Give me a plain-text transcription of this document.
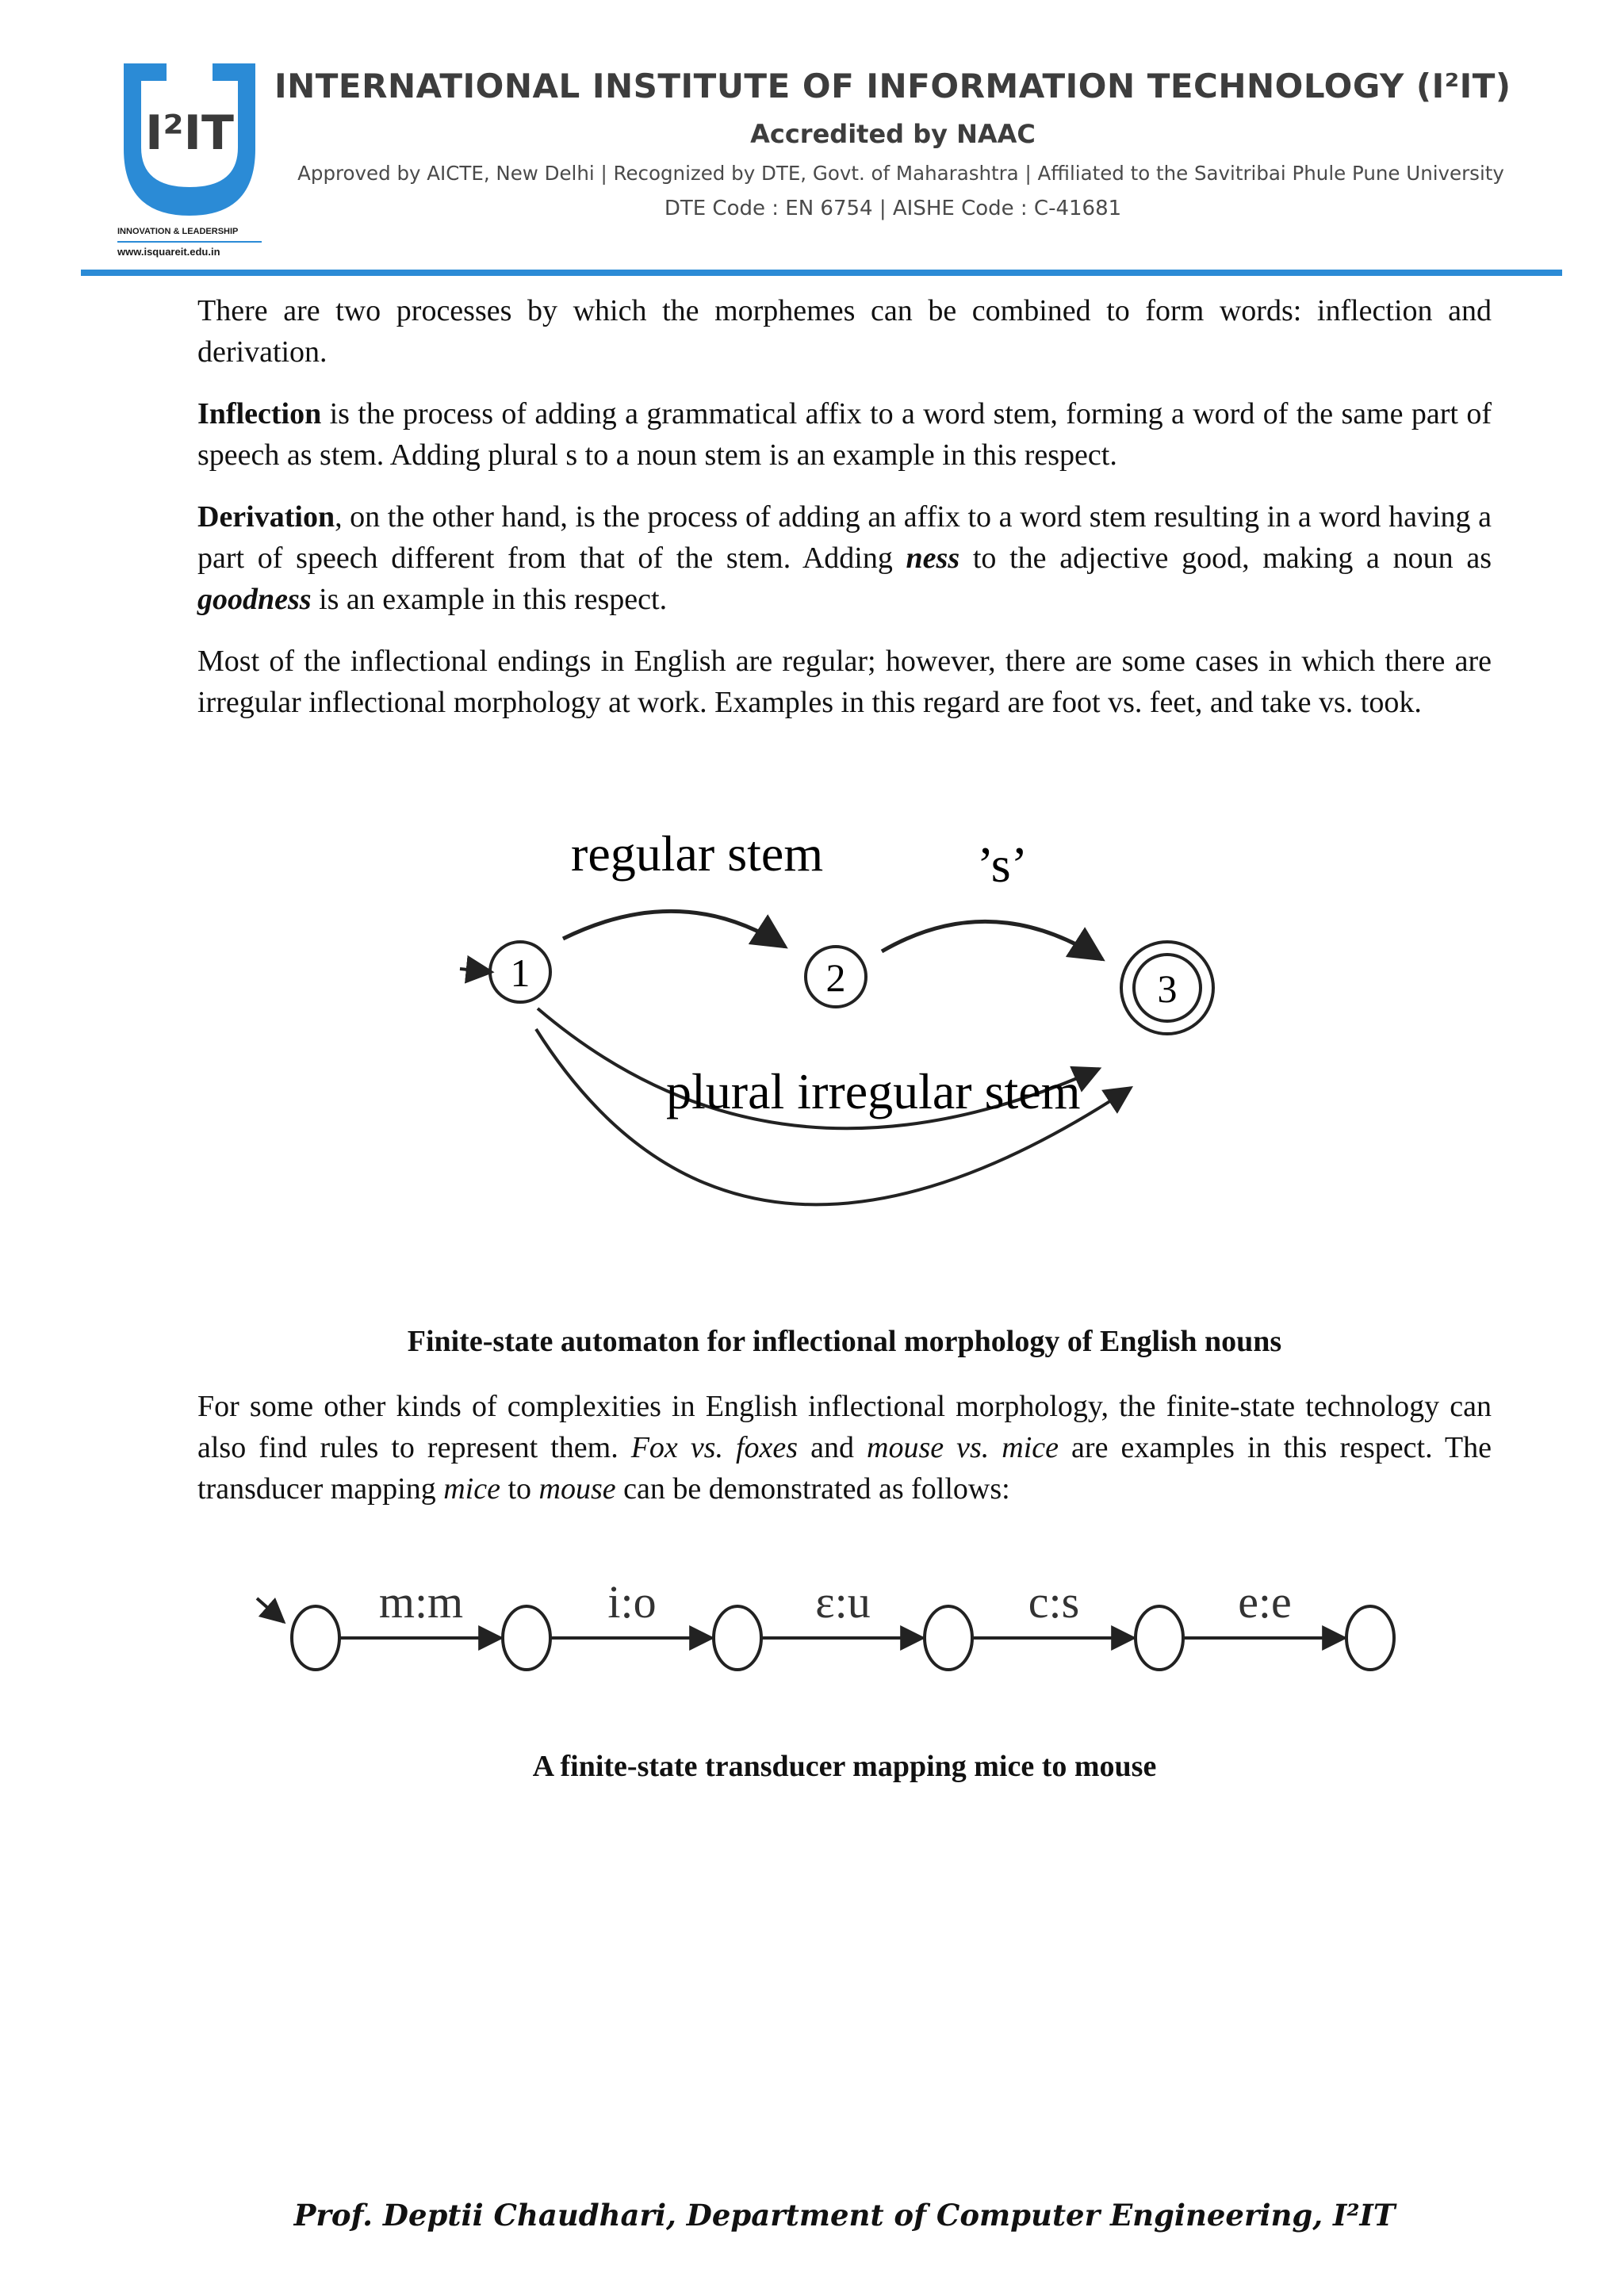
I²IT
INNOVATION & LEADERSHIP
www.isquareit.edu.in
INTERNATIONAL INSTITUTE OF INFORMATION TECHNOLOGY (I²IT)
Accredited by NAAC
Approved by AICTE, New Delhi | Recognized by DTE, Govt. of Maharashtra | Affiliated to the Savitribai Phule Pune University
DTE Code : EN 6754 | AISHE Code : C-41681

There are two processes by which the morphemes can be combined to form words: inflection and derivation.

Inflection is the process of adding a grammatical affix to a word stem, forming a word of the same part of speech as stem. Adding plural s to a noun stem is an example in this respect.

Derivation, on the other hand, is the process of adding an affix to a word stem resulting in a word having a part of speech different from that of the stem. Adding ness to the adjective good, making a noun as goodness is an example in this respect.

Most of the inflectional endings in English are regular; however, there are some cases in which there are irregular inflectional morphology at work. Examples in this regard are foot vs. feet, and take vs. took.

1	2	3
regular stem	’s’
plural irregular stem

Finite-state automaton for inflectional morphology of English nouns

For some other kinds of complexities in English inflectional morphology, the finite-state technology can also find rules to represent them. Fox vs. foxes and mouse vs. mice are examples in this respect. The transducer mapping mice to mouse can be demonstrated as follows:

m:m	i:o	ε:u	c:s	e:e

A finite-state transducer mapping mice to mouse

Prof. Deptii Chaudhari, Department of Computer Engineering, I²IT
